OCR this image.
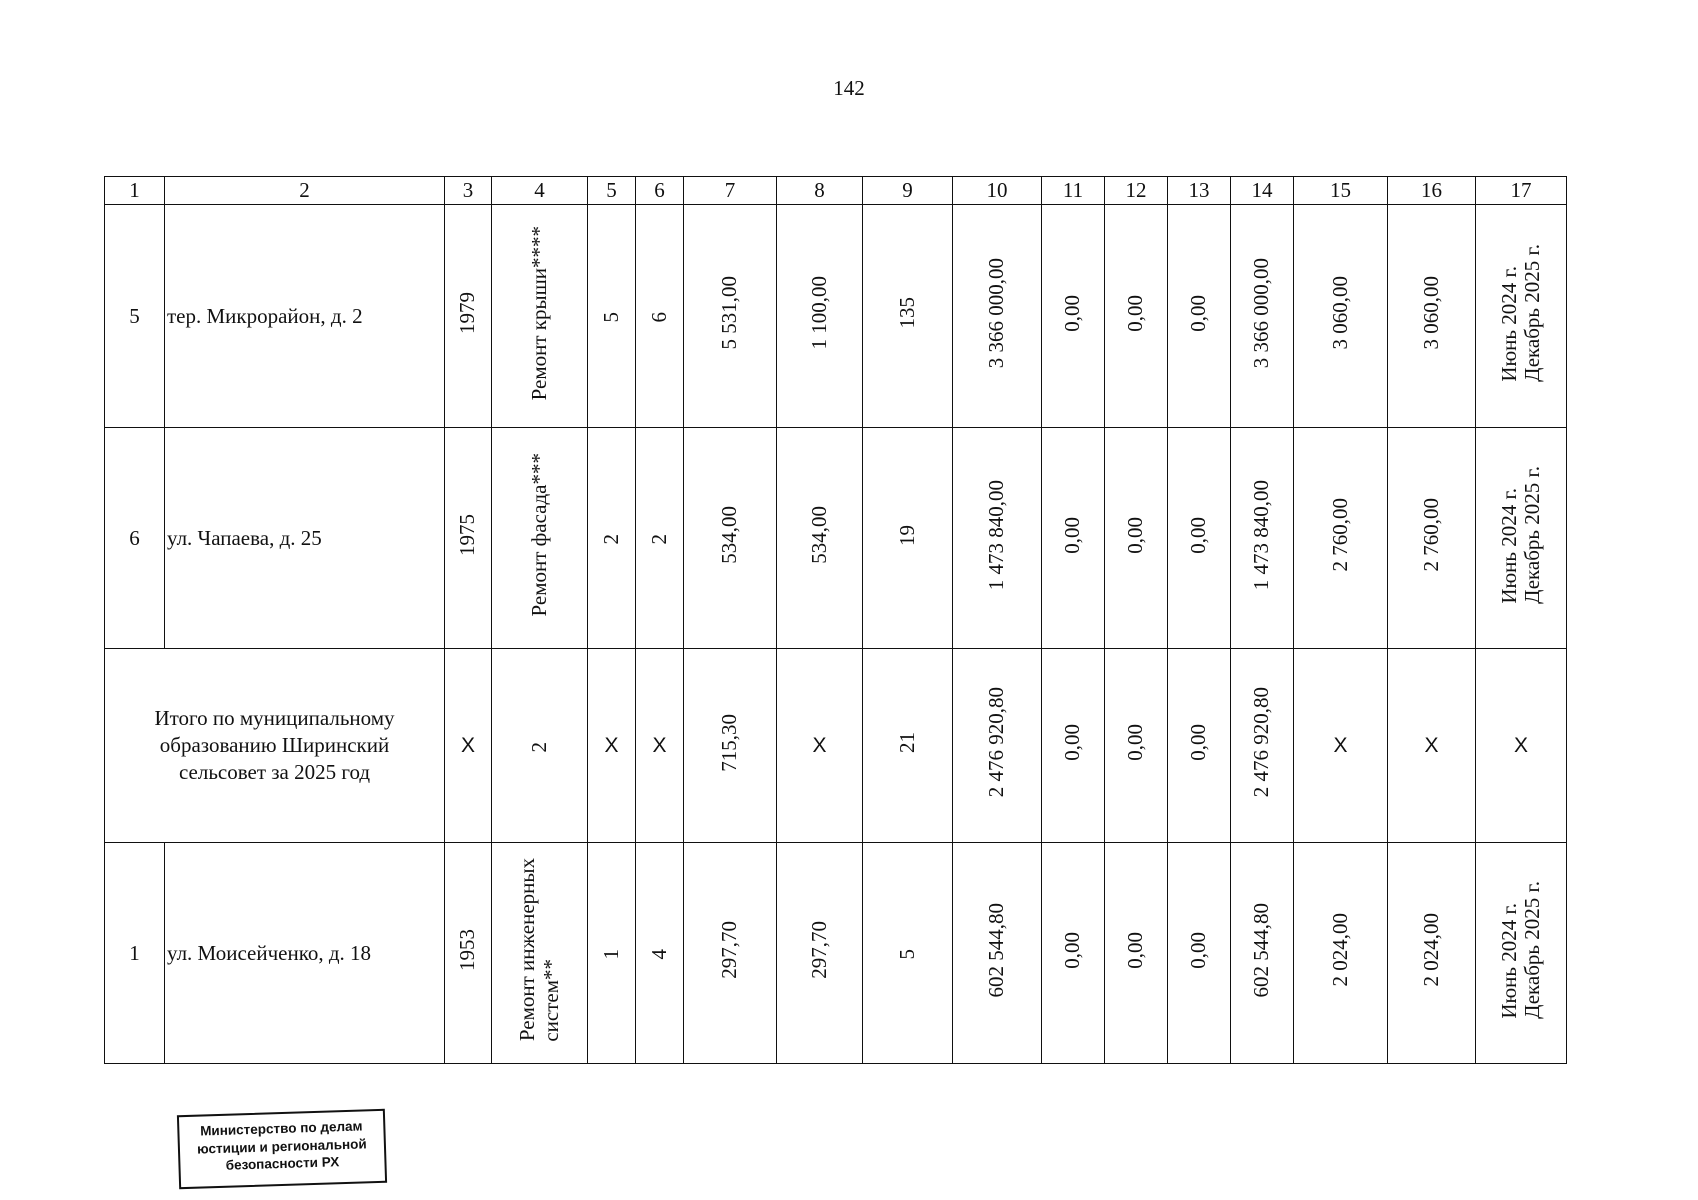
142
1	2	3	4	5	6	7	8	9	10	11	12	13	14	15	16	17
5	тер. Микрорайон, д. 2	1979	Ремонт крыши****	5	6	5 531,00	1 100,00	135	3 366 000,00	0,00	0,00	0,00	3 366 000,00	3 060,00	3 060,00	Июнь 2024 г.Декабрь 2025 г.
6	ул. Чапаева, д. 25	1975	Ремонт фасада***	2	2	534,00	534,00	19	1 473 840,00	0,00	0,00	0,00	1 473 840,00	2 760,00	2 760,00	Июнь 2024 г.Декабрь 2025 г.

Итого по муниципальному
образованию Ширинский
сельсовет за 2025 год		X	2	X	X	715,30	X	21	2 476 920,80	0,00	0,00	0,00	2 476 920,80	X	X	X
1	ул. Моисейченко, д. 18	1953	Ремонт инженерныхсистем**	1	4	297,70	297,70	5	602 544,80	0,00	0,00	0,00	602 544,80	2 024,00	2 024,00	Июнь 2024 г.Декабрь 2025 г.
Министерство по делам
юстиции и региональной
безопасности РХ
